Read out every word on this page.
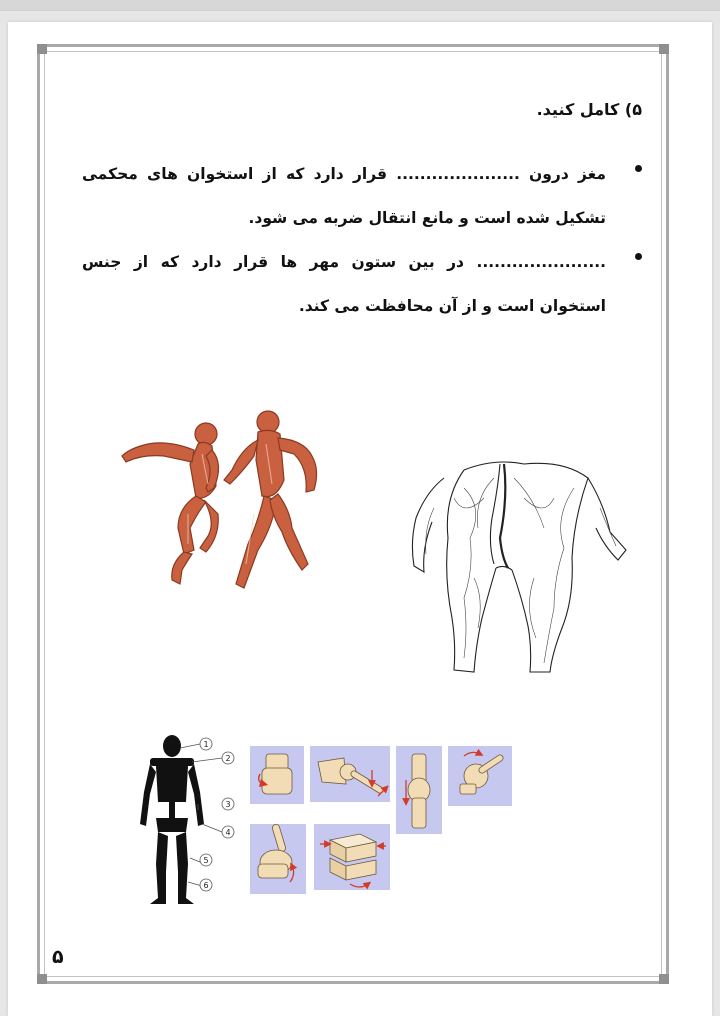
۵) کامل کنید.
مغز درون ..................... قرار دارد که از استخوان های محکمی تشکیل شده است و مانع انتقال ضربه می شود.
...................... در بین ستون مهر ها قرار دارد که از جنس استخوان است و از آن محافظت می کند.
1
2
3
4
5
6
۵
